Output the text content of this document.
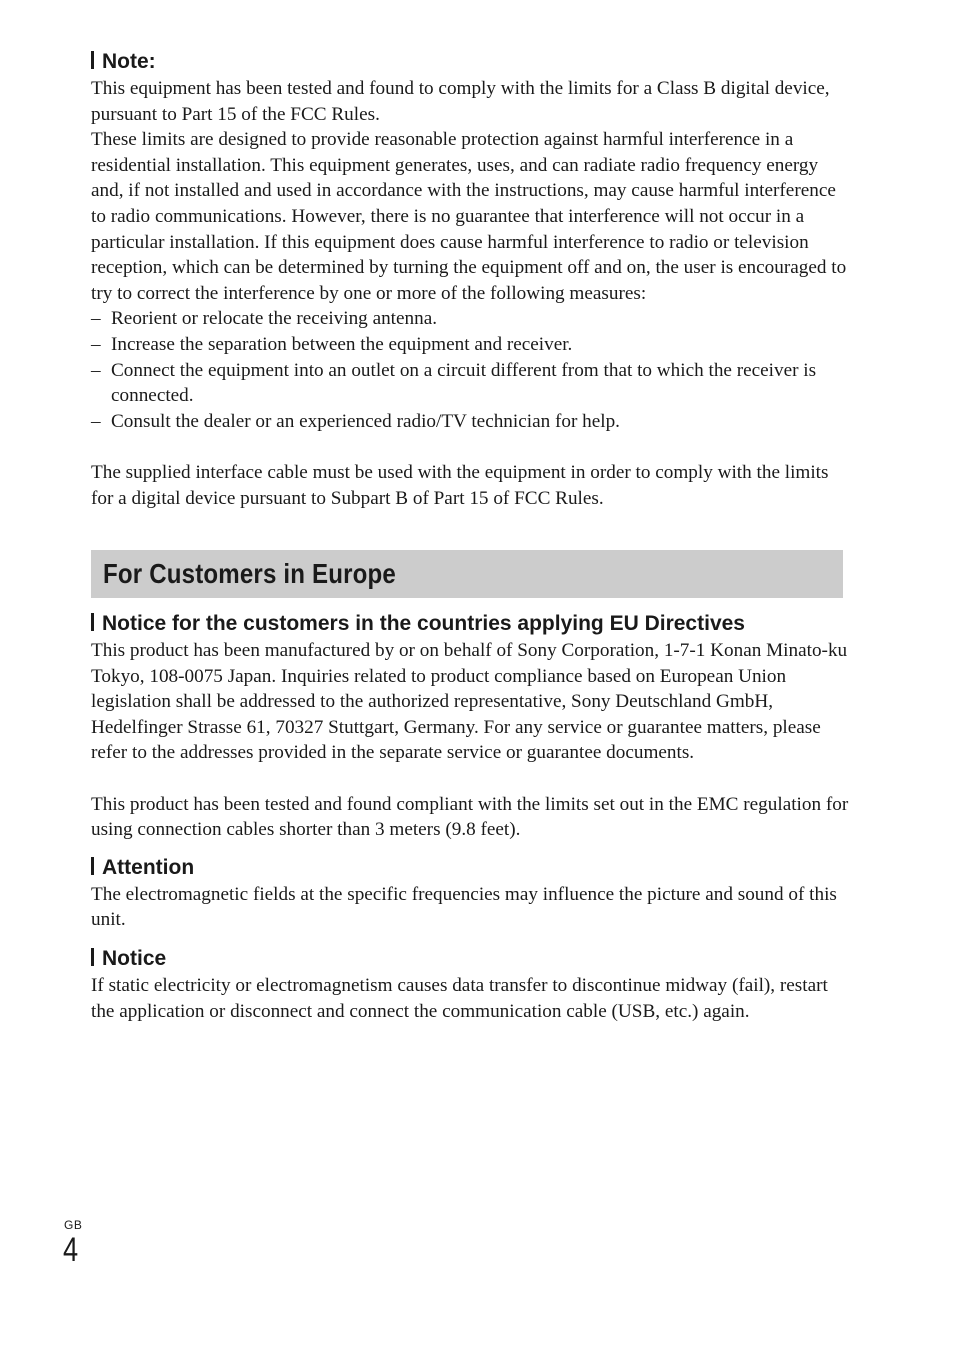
Note:

This equipment has been tested and found to comply with the limits for a Class B digital device, pursuant to Part 15 of the FCC Rules.

These limits are designed to provide reasonable protection against harmful interference in a residential installation. This equipment generates, uses, and can radiate radio frequency energy and, if not installed and used in accordance with the instructions, may cause harmful interference to radio communications. However, there is no guarantee that interference will not occur in a particular installation. If this equipment does cause harmful interference to radio or television reception, which can be determined by turning the equipment off and on, the user is encouraged to try to correct the interference by one or more of the following measures:

– Reorient or relocate the receiving antenna.
– Increase the separation between the equipment and receiver.
– Connect the equipment into an outlet on a circuit different from that to which the receiver is connected.
– Consult the dealer or an experienced radio/TV technician for help.

The supplied interface cable must be used with the equipment in order to comply with the limits for a digital device pursuant to Subpart B of Part 15 of FCC Rules.

For Customers in Europe
Notice for the customers in the countries applying EU Directives

This product has been manufactured by or on behalf of Sony Corporation, 1-7-1 Konan Minato-ku Tokyo, 108-0075 Japan. Inquiries related to product compliance based on European Union legislation shall be addressed to the authorized representative, Sony Deutschland GmbH, Hedelfinger Strasse 61, 70327 Stuttgart, Germany. For any service or guarantee matters, please refer to the addresses provided in the separate service or guarantee documents.

This product has been tested and found compliant with the limits set out in the EMC regulation for using connection cables shorter than 3 meters (9.8 feet).

Attention

The electromagnetic fields at the specific frequencies may influence the picture and sound of this unit.

Notice

If static electricity or electromagnetism causes data transfer to discontinue midway (fail), restart the application or disconnect and connect the communication cable (USB, etc.) again.

GB
4
